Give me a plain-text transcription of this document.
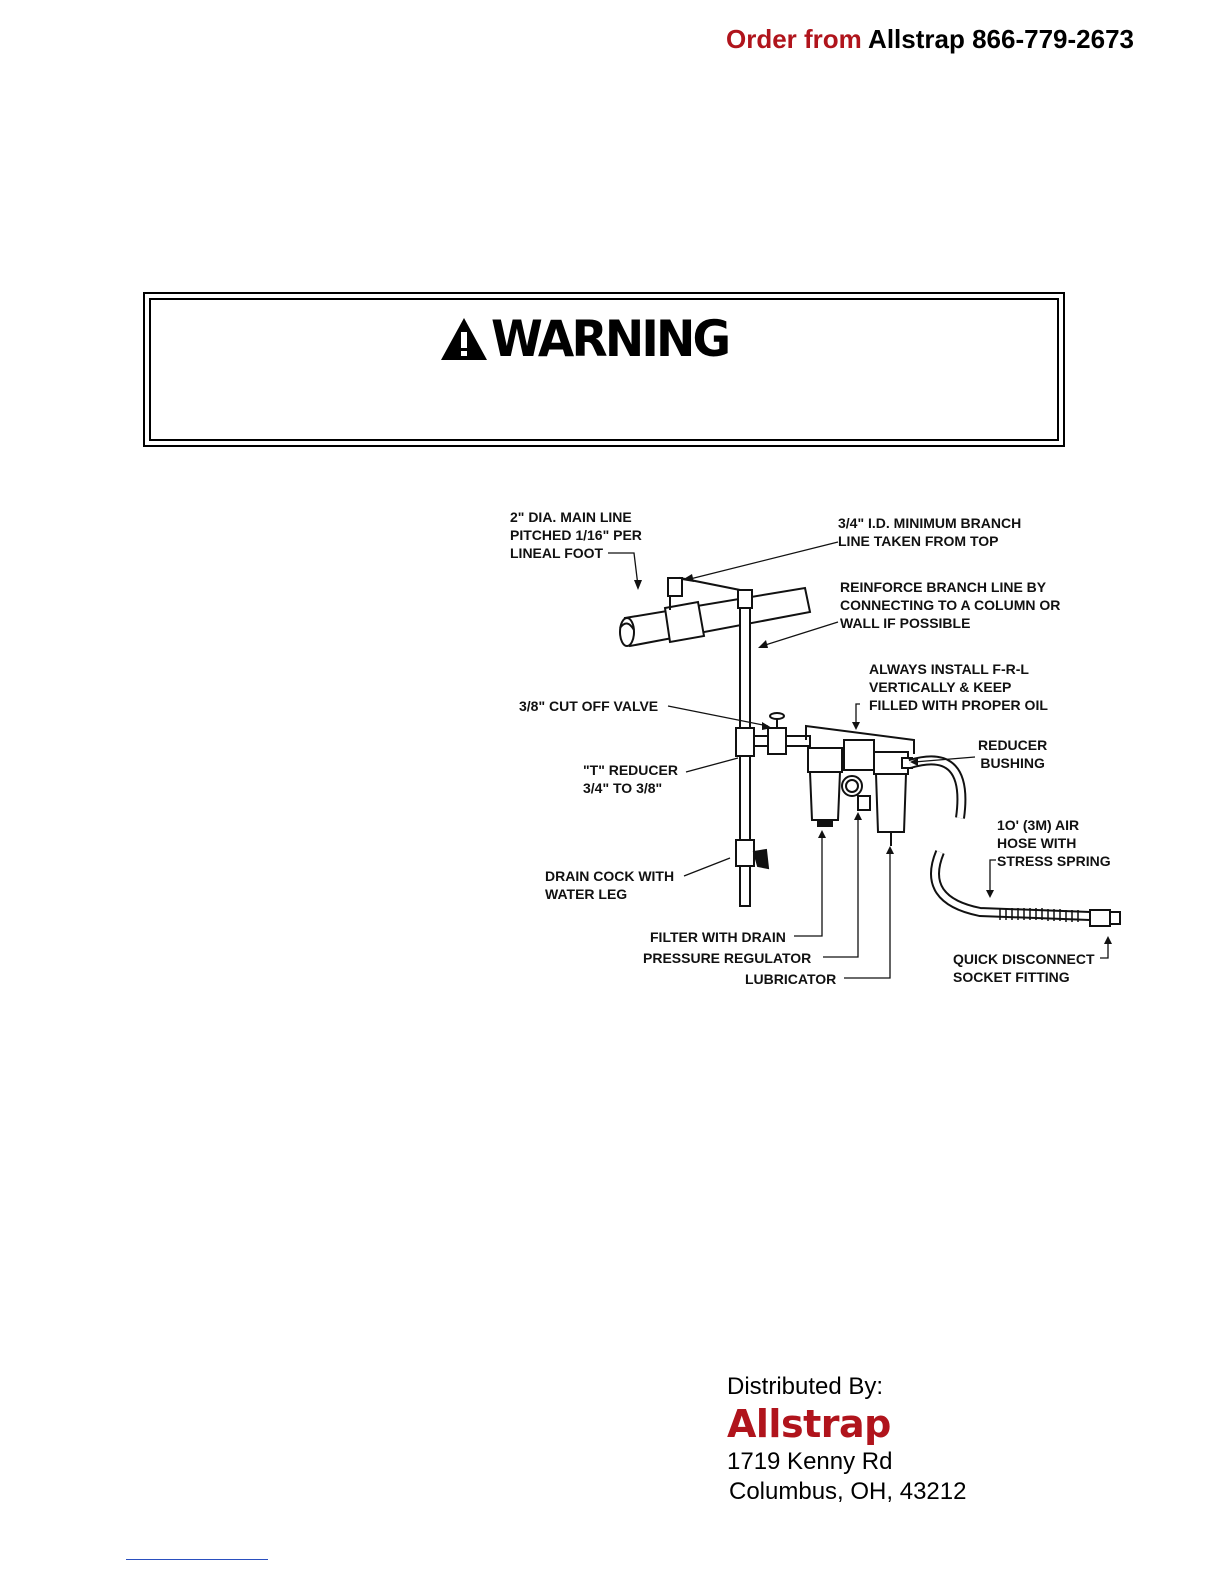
Order from Allstrap 866-779-2673
WARNING
2" DIA. MAIN LINE
PITCHED 1/16" PER
LINEAL FOOT
3/4" I.D. MINIMUM BRANCH
LINE TAKEN FROM TOP
REINFORCE BRANCH LINE BY
CONNECTING TO A COLUMN OR
WALL IF POSSIBLE
ALWAYS INSTALL F-R-L
VERTICALLY & KEEP
FILLED WITH PROPER OIL
3/8" CUT OFF VALVE
REDUCER
BUSHING
"T" REDUCER
3/4" TO 3/8"
1O' (3M) AIR
HOSE WITH
STRESS SPRING
DRAIN COCK WITH
WATER LEG
FILTER WITH DRAIN
PRESSURE REGULATOR
LUBRICATOR
QUICK DISCONNECT
SOCKET FITTING
Distributed By:
Allstrap
1719 Kenny Rd
Columbus, OH, 43212
